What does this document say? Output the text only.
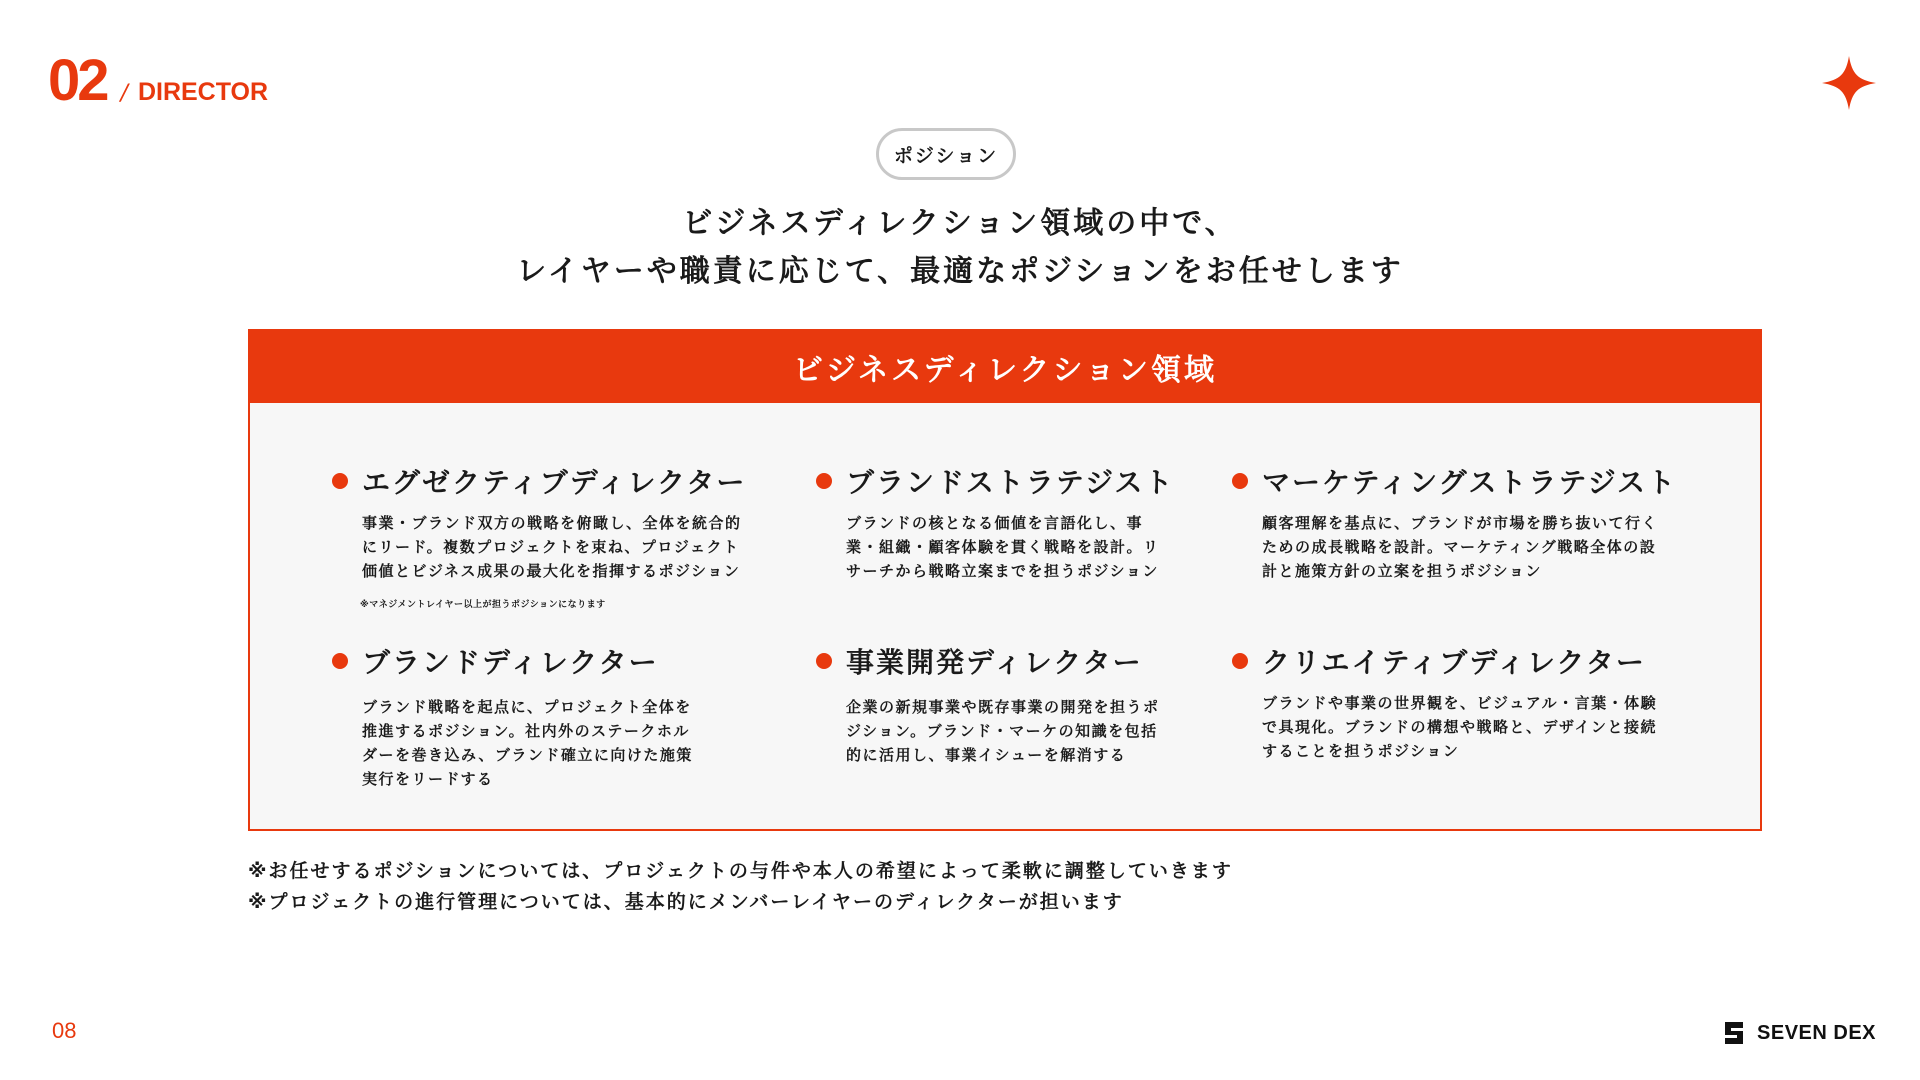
02 / DIRECTOR
ポジション
ビジネスディレクション領域の中で、
レイヤーや職責に応じて、最適なポジションをお任せします
ビジネスディレクション領域
エグゼクティブディレクター
事業・ブランド双方の戦略を俯瞰し、全体を統合的
にリード。複数プロジェクトを束ね、プロジェクト
価値とビジネス成果の最大化を指揮するポジション
※マネジメントレイヤー以上が担うポジションになります
ブランドストラテジスト
ブランドの核となる価値を言語化し、事
業・組織・顧客体験を貫く戦略を設計。リ
サーチから戦略立案までを担うポジション
マーケティングストラテジスト
顧客理解を基点に、ブランドが市場を勝ち抜いて行く
ための成長戦略を設計。マーケティング戦略全体の設
計と施策方針の立案を担うポジション
ブランドディレクター
ブランド戦略を起点に、プロジェクト全体を
推進するポジション。社内外のステークホル
ダーを巻き込み、ブランド確立に向けた施策
実行をリードする
事業開発ディレクター
企業の新規事業や既存事業の開発を担うポ
ジション。ブランド・マーケの知識を包括
的に活用し、事業イシューを解消する
クリエイティブディレクター
ブランドや事業の世界観を、ビジュアル・言葉・体験
で具現化。ブランドの構想や戦略と、デザインと接続
することを担うポジション
※お任せするポジションについては、プロジェクトの与件や本人の希望によって柔軟に調整していきます
※プロジェクトの進行管理については、基本的にメンバーレイヤーのディレクターが担います
08	SEVEN DEX
